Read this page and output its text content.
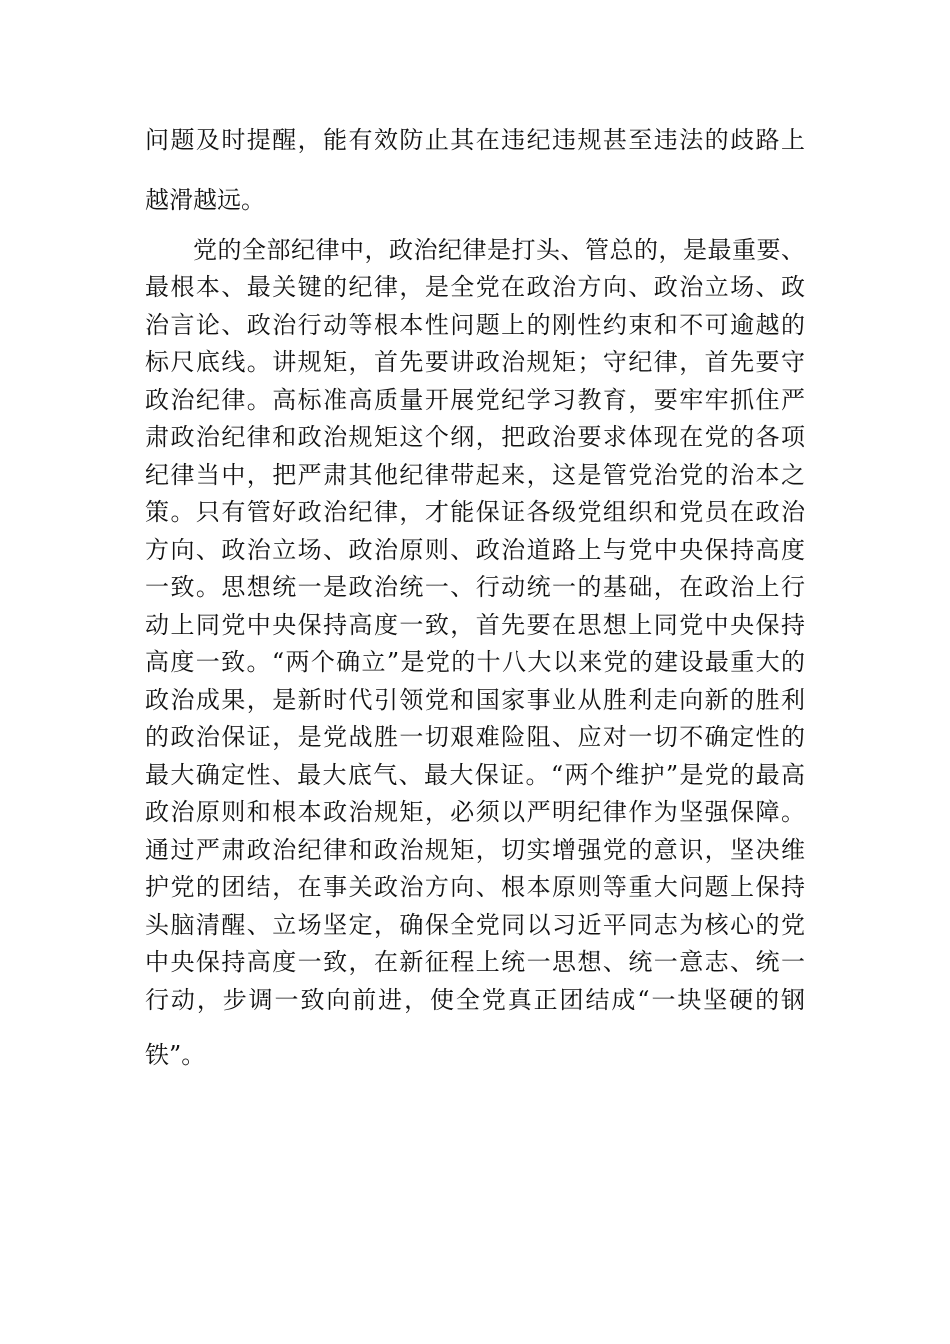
问题及时提醒，能有效防止其在违纪违规甚至违法的歧路上
越滑越远。
党的全部纪律中，政治纪律是打头、管总的，是最重要、
最根本、最关键的纪律，是全党在政治方向、政治立场、政
治言论、政治行动等根本性问题上的刚性约束和不可逾越的
标尺底线。讲规矩，首先要讲政治规矩；守纪律，首先要守
政治纪律。高标准高质量开展党纪学习教育，要牢牢抓住严
肃政治纪律和政治规矩这个纲，把政治要求体现在党的各项
纪律当中，把严肃其他纪律带起来，这是管党治党的治本之
策。只有管好政治纪律，才能保证各级党组织和党员在政治
方向、政治立场、政治原则、政治道路上与党中央保持高度
一致。思想统一是政治统一、行动统一的基础，在政治上行
动上同党中央保持高度一致，首先要在思想上同党中央保持
高度一致。“两个确立”是党的十八大以来党的建设最重大的
政治成果，是新时代引领党和国家事业从胜利走向新的胜利
的政治保证，是党战胜一切艰难险阻、应对一切不确定性的
最大确定性、最大底气、最大保证。“两个维护”是党的最高
政治原则和根本政治规矩，必须以严明纪律作为坚强保障。
通过严肃政治纪律和政治规矩，切实增强党的意识，坚决维
护党的团结，在事关政治方向、根本原则等重大问题上保持
头脑清醒、立场坚定，确保全党同以习近平同志为核心的党
中央保持高度一致，在新征程上统一思想、统一意志、统一
行动，步调一致向前进，使全党真正团结成“一块坚硬的钢
铁”。
